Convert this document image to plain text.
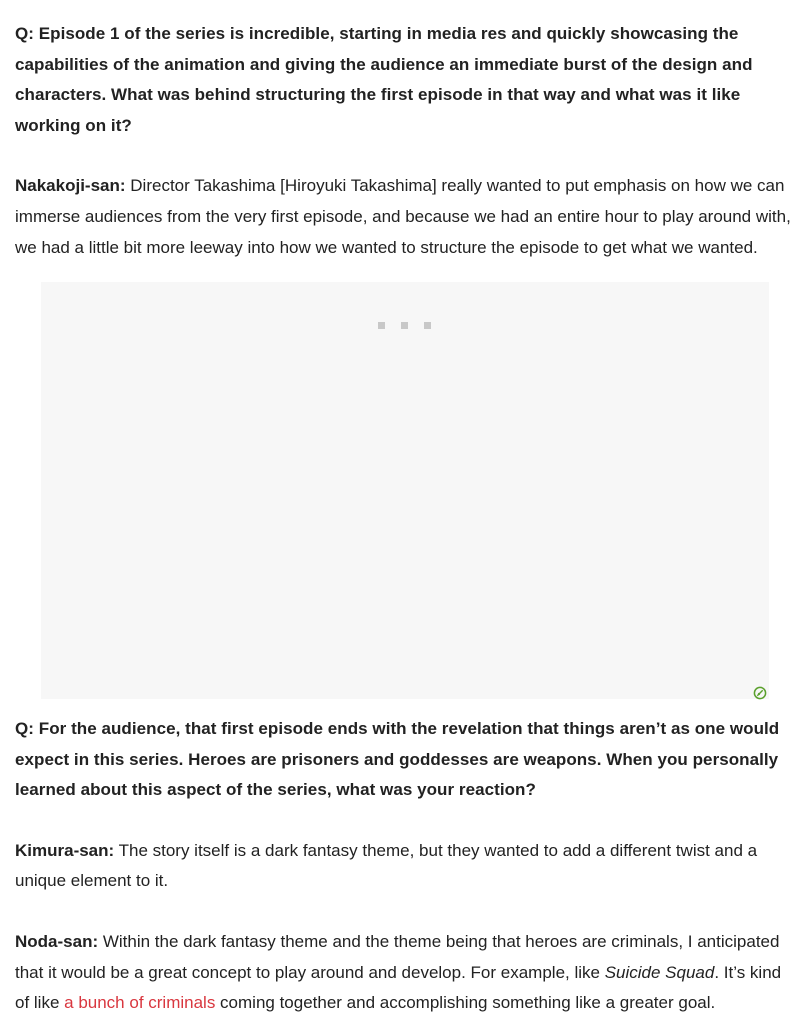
Q: Episode 1 of the series is incredible, starting in media res and quickly showcasing the capabilities of the animation and giving the audience an immediate burst of the design and characters. What was behind structuring the first episode in that way and what was it like working on it?

Nakakoji-san: Director Takashima [Hiroyuki Takashima] really wanted to put emphasis on how we can immerse audiences from the very first episode, and because we had an entire hour to play around with, we had a little bit more leeway into how we wanted to structure the episode to get what we wanted.

Q: For the audience, that first episode ends with the revelation that things aren’t as one would expect in this series. Heroes are prisoners and goddesses are weapons. When you personally learned about this aspect of the series, what was your reaction?

Kimura-san: The story itself is a dark fantasy theme, but they wanted to add a different twist and a unique element to it.

Noda-san: Within the dark fantasy theme and the theme being that heroes are criminals, I anticipated that it would be a great concept to play around and develop. For example, like Suicide Squad. It’s kind of like a bunch of criminals coming together and accomplishing something like a greater goal.
